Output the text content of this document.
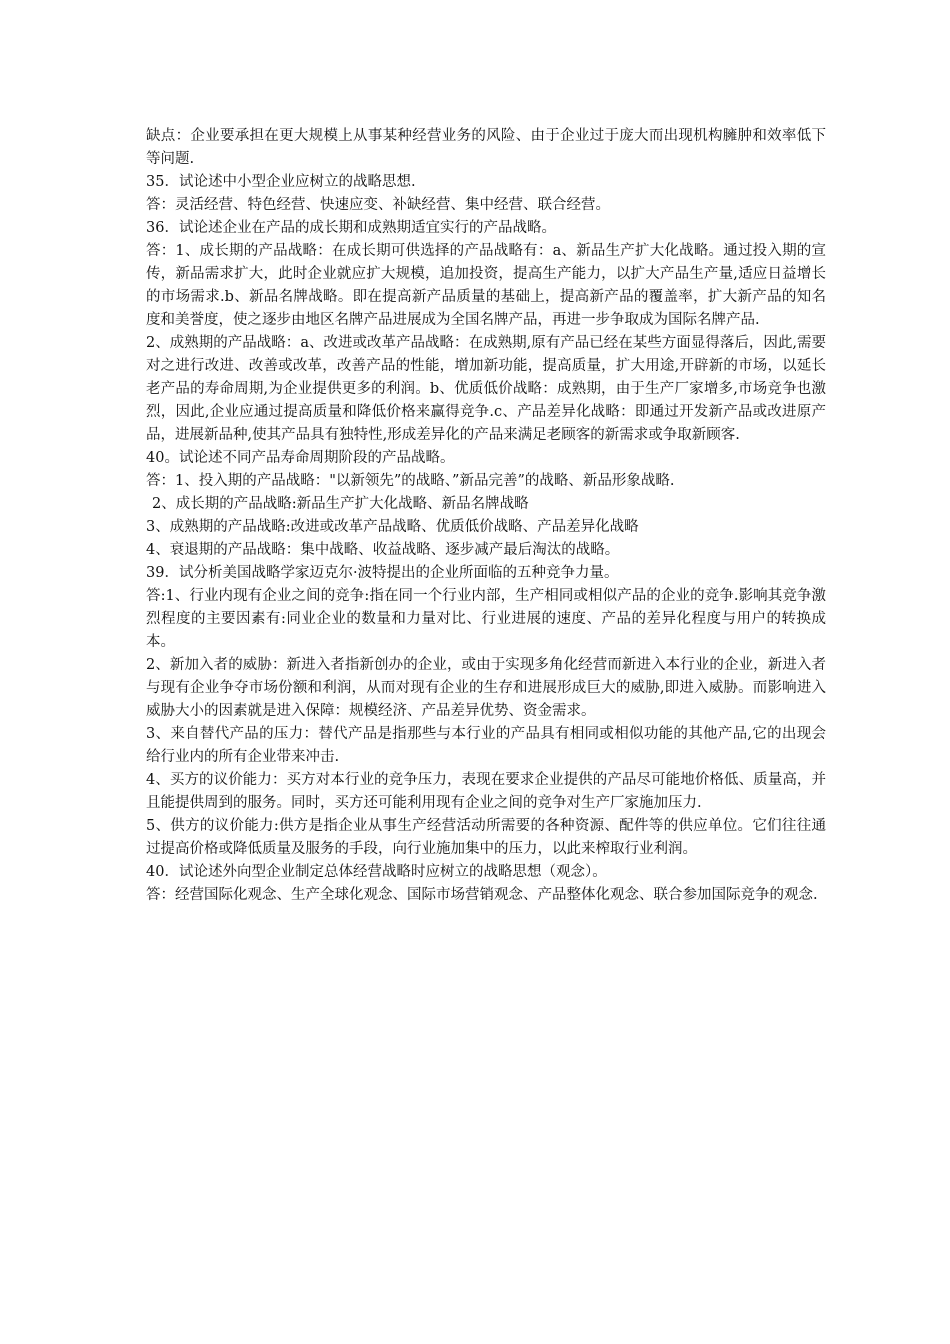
缺点：企业要承担在更大规模上从事某种经营业务的风险、由于企业过于庞大而出现机构臃肿和效率低下等问题.

35．试论述中小型企业应树立的战略思想.

答：灵活经营、特色经营、快速应变、补缺经营、集中经营、联合经营。

36．试论述企业在产品的成长期和成熟期适宜实行的产品战略。

答：1、成长期的产品战略：在成长期可供选择的产品战略有：a、新品生产扩大化战略。通过投入期的宣传，新品需求扩大，此时企业就应扩大规模，追加投资，提高生产能力，以扩大产品生产量,适应日益增长的市场需求.b、新品名牌战略。即在提高新产品质量的基础上，提高新产品的覆盖率，扩大新产品的知名度和美誉度，使之逐步由地区名牌产品进展成为全国名牌产品，再进一步争取成为国际名牌产品.

2、成熟期的产品战略：a、改进或改革产品战略：在成熟期,原有产品已经在某些方面显得落后，因此,需要对之进行改进、改善或改革，改善产品的性能，增加新功能，提高质量，扩大用途,开辟新的市场，以延长老产品的寿命周期,为企业提供更多的利润。b、优质低价战略：成熟期，由于生产厂家增多,市场竞争也激烈，因此,企业应通过提高质量和降低价格来赢得竞争.c、产品差异化战略：即通过开发新产品或改进原产品，进展新品种,使其产品具有独特性,形成差异化的产品来满足老顾客的新需求或争取新顾客.

40。试论述不同产品寿命周期阶段的产品战略。

答：1、投入期的产品战略："以新领先”的战略、”新品完善”的战略、新品形象战略.

2、成长期的产品战略:新品生产扩大化战略、新品名牌战略

3、成熟期的产品战略:改进或改革产品战略、优质低价战略、产品差异化战略

4、衰退期的产品战略：集中战略、收益战略、逐步减产最后淘汰的战略。

39．试分析美国战略学家迈克尔·波特提出的企业所面临的五种竞争力量。

答:1、行业内现有企业之间的竞争:指在同一个行业内部，生产相同或相似产品的企业的竞争.影响其竞争激烈程度的主要因素有:同业企业的数量和力量对比、行业进展的速度、产品的差异化程度与用户的转换成本。

2、新加入者的威胁：新进入者指新创办的企业，或由于实现多角化经营而新进入本行业的企业，新进入者与现有企业争夺市场份额和利润，从而对现有企业的生存和进展形成巨大的威胁,即进入威胁。而影响进入威胁大小的因素就是进入保障：规模经济、产品差异优势、资金需求。

3、来自替代产品的压力：替代产品是指那些与本行业的产品具有相同或相似功能的其他产品,它的出现会给行业内的所有企业带来冲击.

4、买方的议价能力：买方对本行业的竞争压力，表现在要求企业提供的产品尽可能地价格低、质量高，并且能提供周到的服务。同时，买方还可能利用现有企业之间的竞争对生产厂家施加压力.

5、供方的议价能力:供方是指企业从事生产经营活动所需要的各种资源、配件等的供应单位。它们往往通过提高价格或降低质量及服务的手段，向行业施加集中的压力，以此来榨取行业利润。

40．试论述外向型企业制定总体经营战略时应树立的战略思想（观念）。

答：经营国际化观念、生产全球化观念、国际市场营销观念、产品整体化观念、联合参加国际竞争的观念.
